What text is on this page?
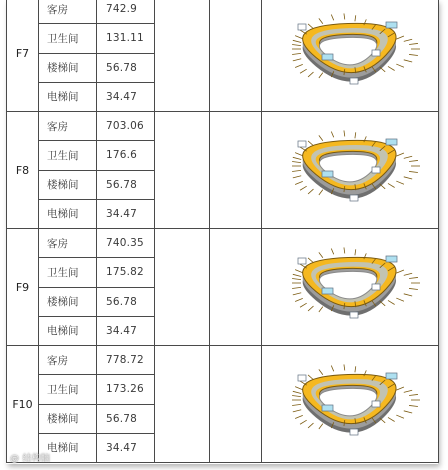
F7	客房	742.9			

	卫生间	131.11			
	楼梯间	56.78			
	电梯间	34.47			
F8	客房	703.06			

	卫生间	176.6			
	楼梯间	56.78			
	电梯间	34.47			
F9	客房	740.35			

	卫生间	175.82			
	楼梯间	56.78			
	电梯间	34.47			
F10	客房	778.72			

	卫生间	173.26			
	楼梯间	56.78			
	电梯间	34.47			
@ 结构脑
